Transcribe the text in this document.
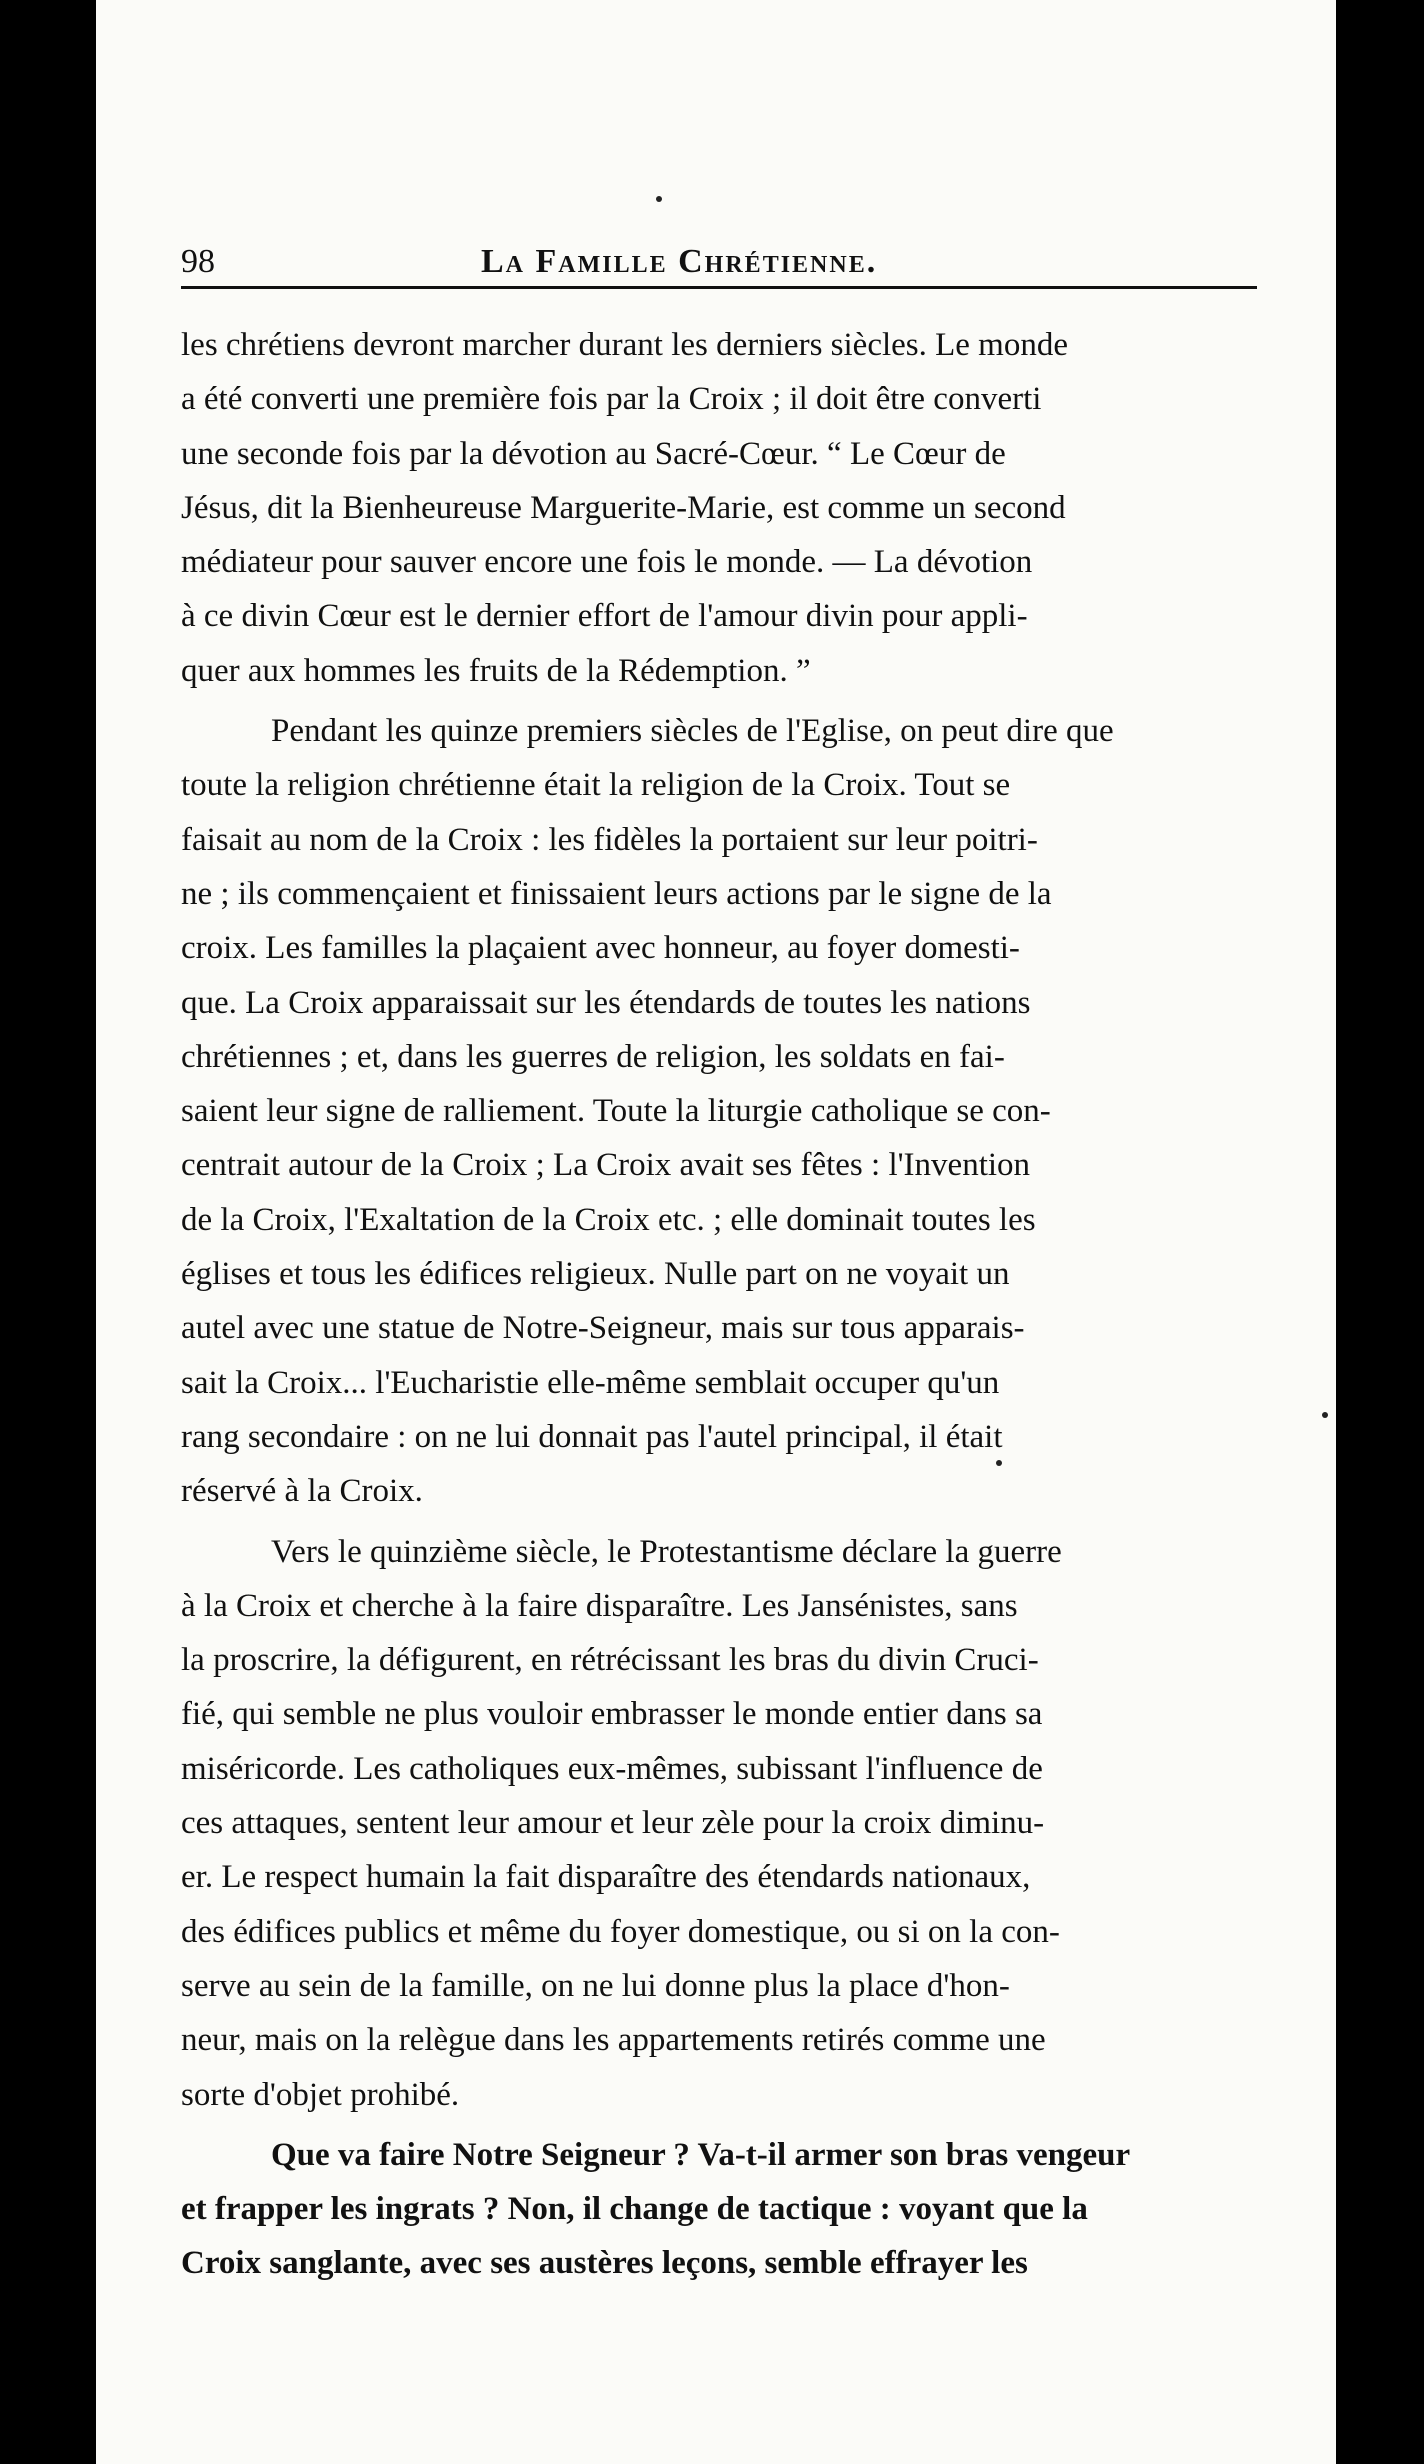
98	La Famille Chrétienne.
les chrétiens devront marcher durant les derniers siècles. Le monde
a été converti une première fois par la Croix ; il doit être converti
une seconde fois par la dévotion au Sacré-Cœur. “ Le Cœur de
Jésus, dit la Bienheureuse Marguerite-Marie, est comme un second
médiateur pour sauver encore une fois le monde. — La dévotion
à ce divin Cœur est le dernier effort de l'amour divin pour appli-
quer aux hommes les fruits de la Rédemption. ”
Pendant les quinze premiers siècles de l'Eglise, on peut dire que
toute la religion chrétienne était la religion de la Croix. Tout se
faisait au nom de la Croix : les fidèles la portaient sur leur poitri-
ne ; ils commençaient et finissaient leurs actions par le signe de la
croix. Les familles la plaçaient avec honneur, au foyer domesti-
que. La Croix apparaissait sur les étendards de toutes les nations
chrétiennes ; et, dans les guerres de religion, les soldats en fai-
saient leur signe de ralliement. Toute la liturgie catholique se con-
centrait autour de la Croix ; La Croix avait ses fêtes : l'Invention
de la Croix, l'Exaltation de la Croix etc. ; elle dominait toutes les
églises et tous les édifices religieux. Nulle part on ne voyait un
autel avec une statue de Notre-Seigneur, mais sur tous apparais-
sait la Croix... l'Eucharistie elle-même semblait occuper qu'un
rang secondaire : on ne lui donnait pas l'autel principal, il était
réservé à la Croix.
Vers le quinzième siècle, le Protestantisme déclare la guerre
à la Croix et cherche à la faire disparaître. Les Jansénistes, sans
la proscrire, la défigurent, en rétrécissant les bras du divin Cruci-
fié, qui semble ne plus vouloir embrasser le monde entier dans sa
miséricorde. Les catholiques eux-mêmes, subissant l'influence de
ces attaques, sentent leur amour et leur zèle pour la croix diminu-
er. Le respect humain la fait disparaître des étendards nationaux,
des édifices publics et même du foyer domestique, ou si on la con-
serve au sein de la famille, on ne lui donne plus la place d'hon-
neur, mais on la relègue dans les appartements retirés comme une
sorte d'objet prohibé.
Que va faire Notre Seigneur ? Va-t-il armer son bras vengeur
et frapper les ingrats ? Non, il change de tactique : voyant que la
Croix sanglante, avec ses austères leçons, semble effrayer les
